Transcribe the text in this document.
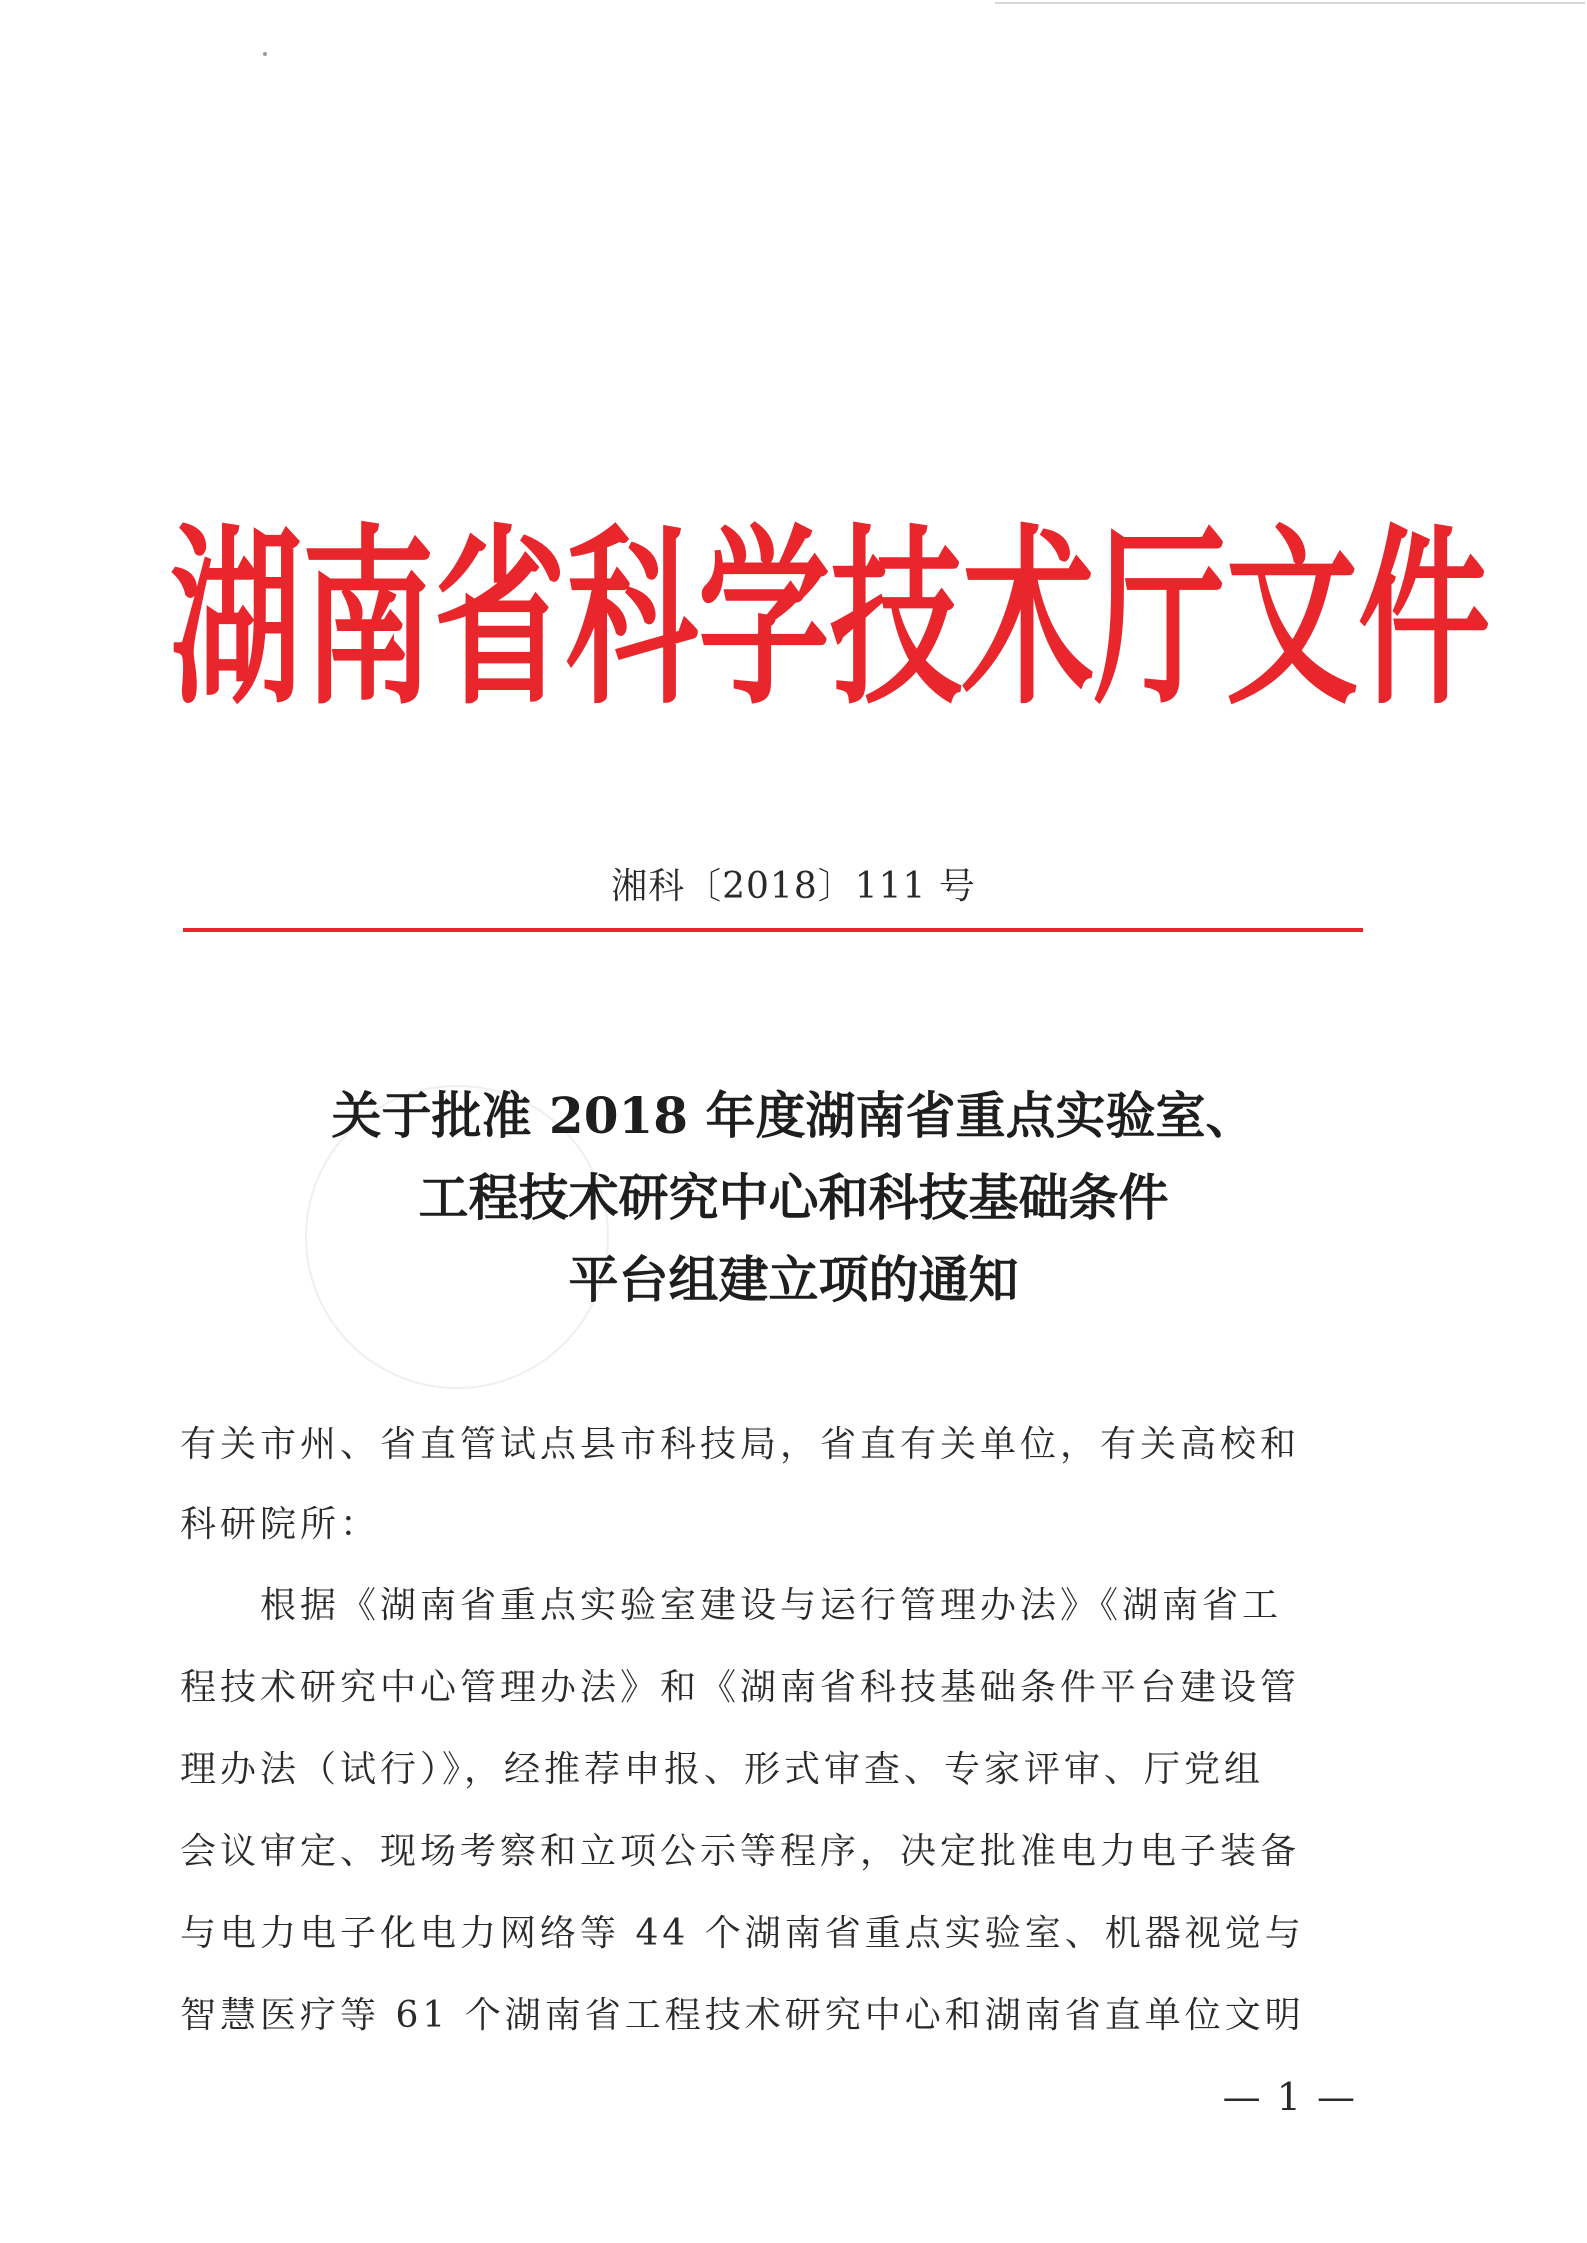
湖 南 省 科 学 技 术 厅 文 件
湘科〔2018〕111 号
关于批准 2018 年度湖南省重点实验室、
工程技术研究中心和科技基础条件
平台组建立项的通知
有关市州、省直管试点县市科技局，省直有关单位，有关高校和
科研院所：
根据《湖南省重点实验室建设与运行管理办法》《湖南省工
程技术研究中心管理办法》和《湖南省科技基础条件平台建设管
理办法（试行）》，经推荐申报、形式审查、专家评审、厅党组
会议审定、现场考察和立项公示等程序，决定批准电力电子装备
与电力电子化电力网络等 44 个湖南省重点实验室、机器视觉与
智慧医疗等 61 个湖南省工程技术研究中心和湖南省直单位文明
— 1 —
